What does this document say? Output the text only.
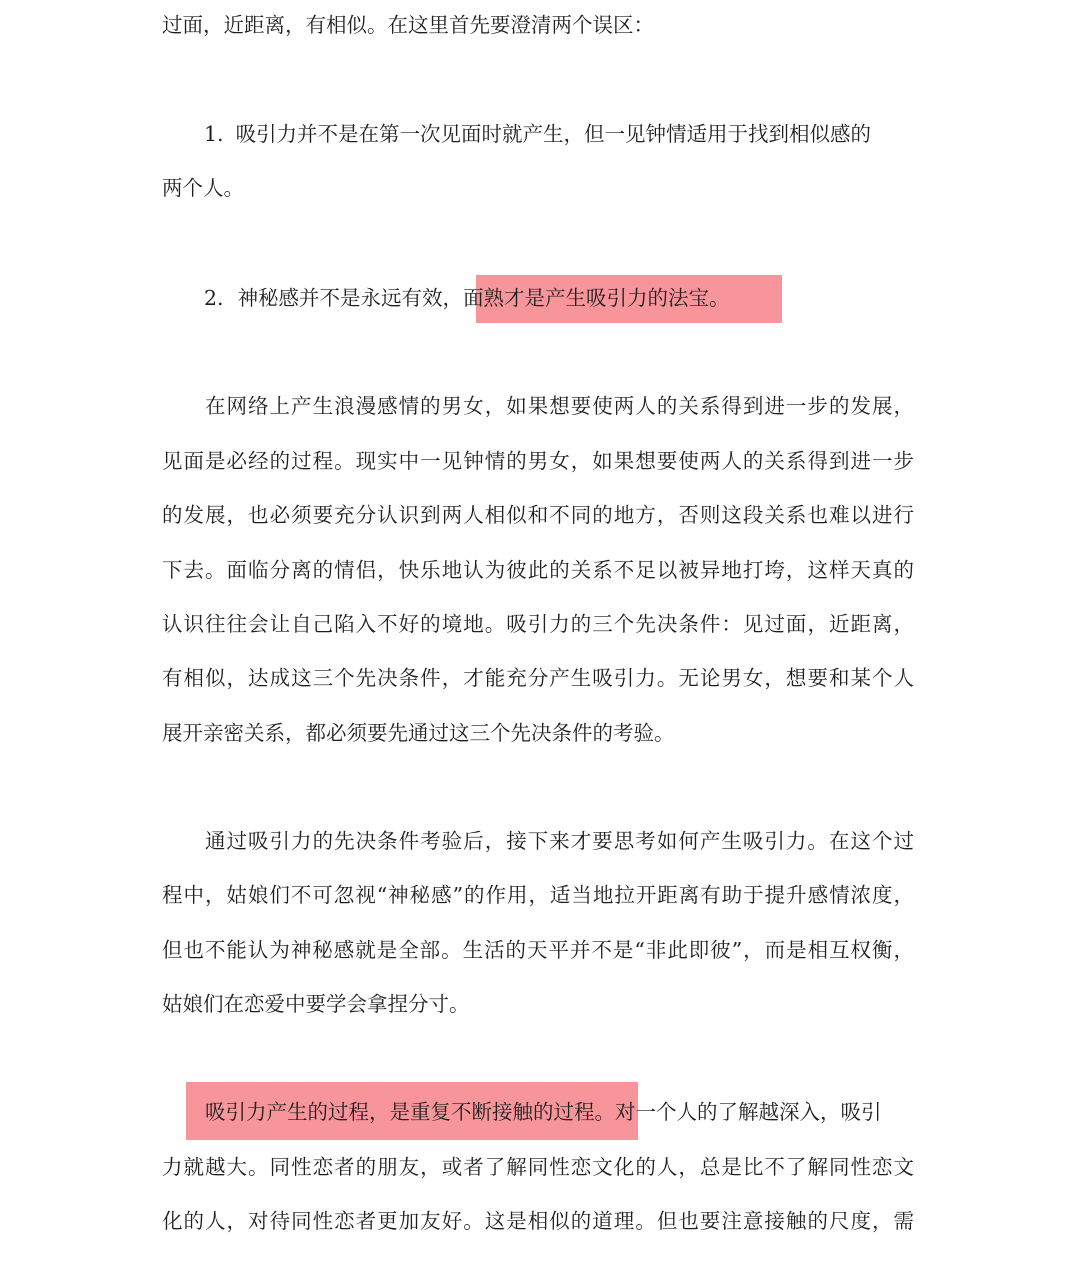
过面，近距离，有相似。在这里首先要澄清两个误区：
1. 吸引力并不是在第一次见面时就产生，但一见钟情适用于找到相似感的
两个人。
2. 神秘感并不是永远有效，面熟才是产生吸引力的法宝。
在网络上产生浪漫感情的男女，如果想要使两人的关系得到进一步的发展，
见面是必经的过程。现实中一见钟情的男女，如果想要使两人的关系得到进一步
的发展，也必须要充分认识到两人相似和不同的地方，否则这段关系也难以进行
下去。面临分离的情侣，快乐地认为彼此的关系不足以被异地打垮，这样天真的
认识往往会让自己陷入不好的境地。吸引力的三个先决条件：见过面，近距离，
有相似，达成这三个先决条件，才能充分产生吸引力。无论男女，想要和某个人
展开亲密关系，都必须要先通过这三个先决条件的考验。
通过吸引力的先决条件考验后，接下来才要思考如何产生吸引力。在这个过
程中，姑娘们不可忽视“神秘感”的作用，适当地拉开距离有助于提升感情浓度，
但也不能认为神秘感就是全部。生活的天平并不是“非此即彼”，而是相互权衡，
姑娘们在恋爱中要学会拿捏分寸。
吸引力产生的过程，是重复不断接触的过程。对一个人的了解越深入，吸引
力就越大。同性恋者的朋友，或者了解同性恋文化的人，总是比不了解同性恋文
化的人，对待同性恋者更加友好。这是相似的道理。但也要注意接触的尺度，需
